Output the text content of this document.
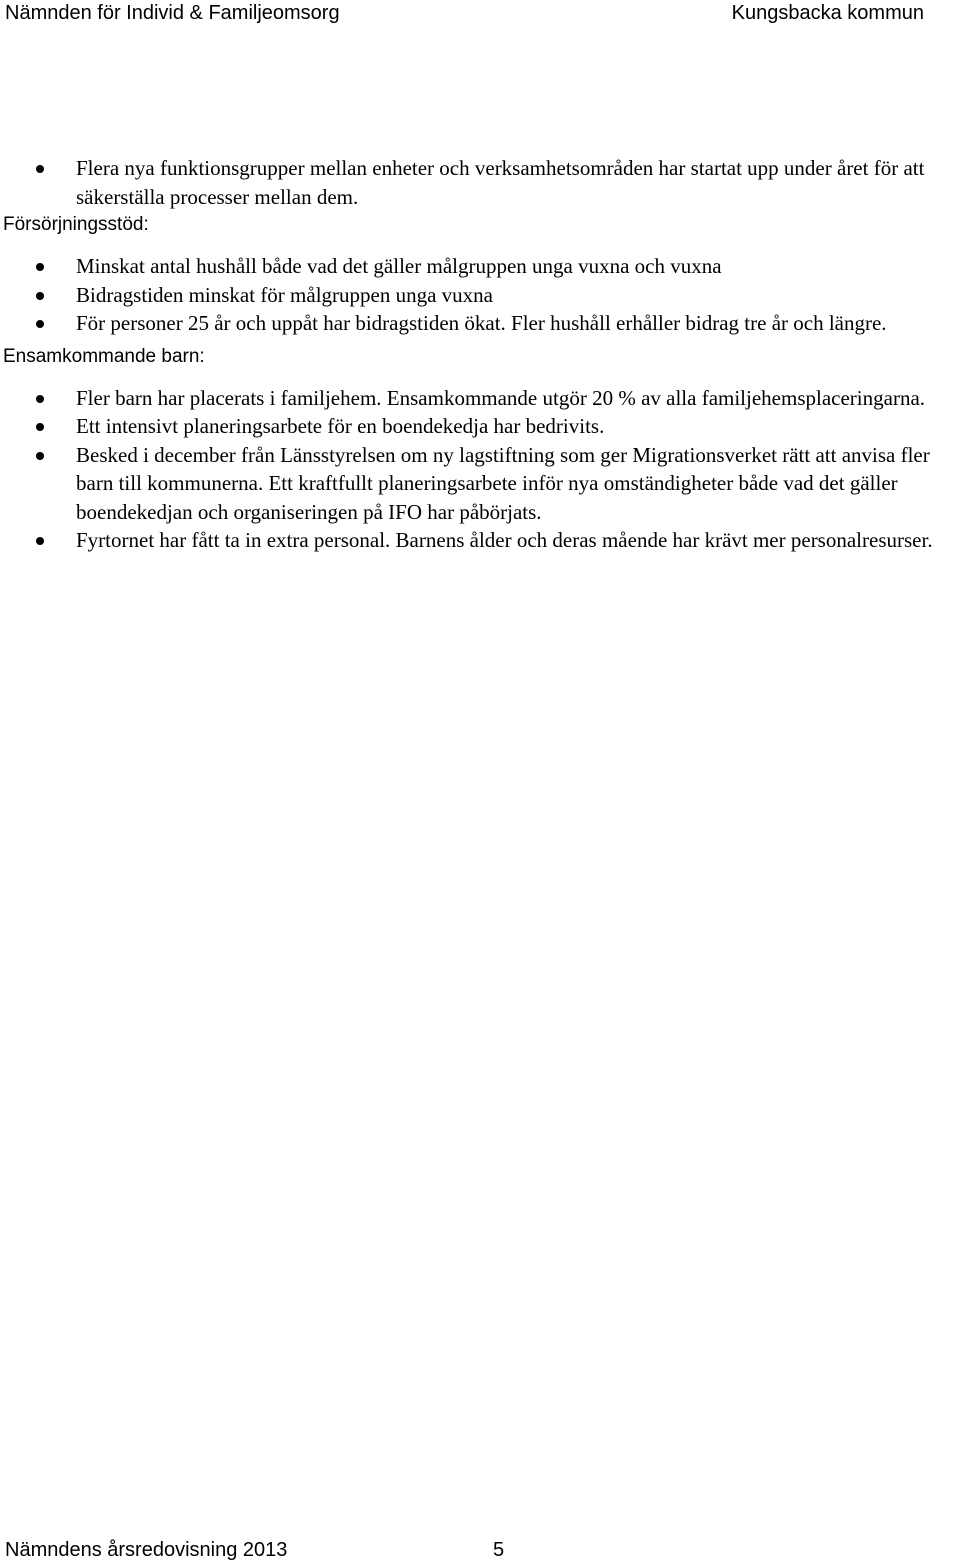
Nämnden för Individ & Familjeomsorg	Kungsbacka kommun
Flera nya funktionsgrupper mellan enheter och verksamhetsområden har startat upp under året för att säkerställa processer mellan dem.
Försörjningsstöd:
Minskat antal hushåll både vad det gäller målgruppen unga vuxna och vuxna
Bidragstiden minskat för målgruppen unga vuxna
För personer 25 år och uppåt har bidragstiden ökat. Fler hushåll erhåller bidrag tre år och längre.
Ensamkommande barn:
Fler barn har placerats i familjehem. Ensamkommande utgör 20 % av alla familjehemsplaceringarna.
Ett intensivt planeringsarbete för en boendekedja har bedrivits.
Besked i december från Länsstyrelsen om ny lagstiftning som ger Migrationsverket rätt att anvisa fler barn till kommunerna. Ett kraftfullt planeringsarbete inför nya omständigheter både vad det gäller boendekedjan och organiseringen på IFO har påbörjats.
Fyrtornet har fått ta in extra personal. Barnens ålder och deras mående har krävt mer personalresurser.
Nämndens årsredovisning 2013	5
